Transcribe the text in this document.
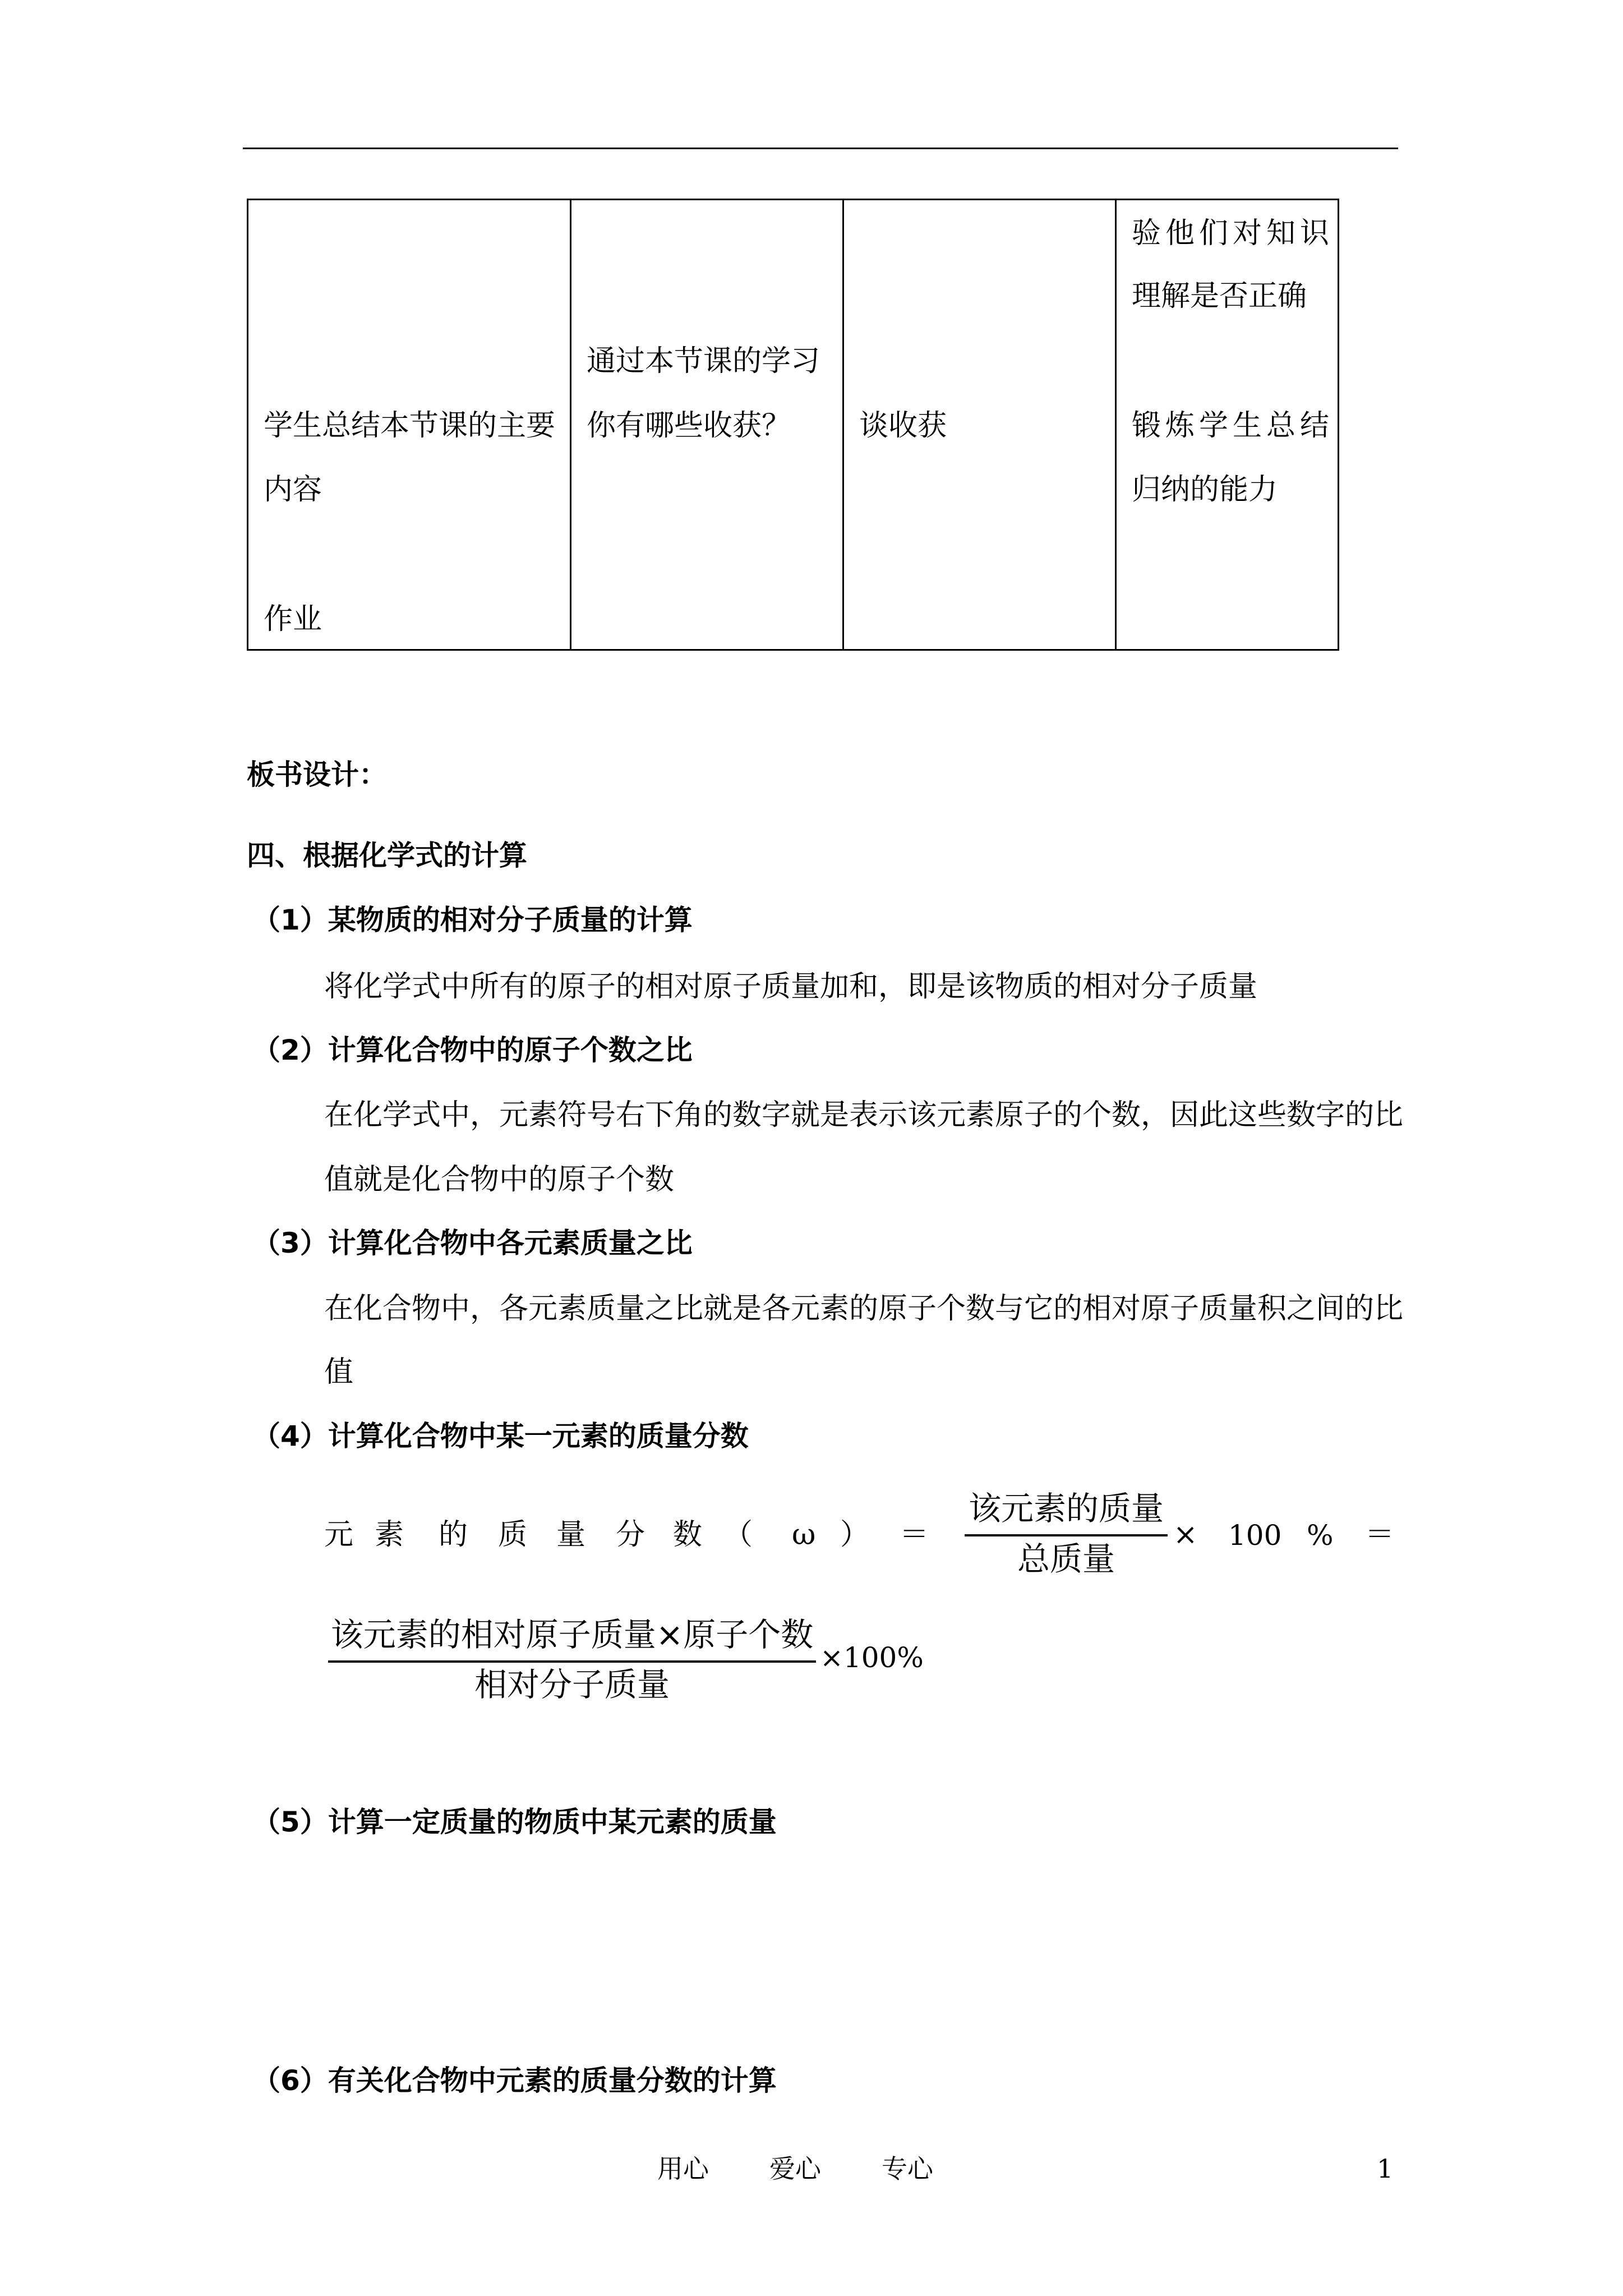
学生总结本节课的主要
内容
作业
通过本节课的学习
你有哪些收获？ 谈收获
验他们对知识
理解是否正确
锻炼学生总结
归纳的能力
板书设计：
四、根据化学式的计算
（1）某物质的相对分子质量的计算
将化学式中所有的原子的相对原子质量加和，即是该物质的相对分子质量
（2）计算化合物中的原子个数之比
在化学式中，元素符号右下角的数字就是表示该元素原子的个数，因此这些数字的比
值就是化合物中的原子个数
（3）计算化合物中各元素质量之比
在化合物中，各元素质量之比就是各元素的原子个数与它的相对原子质量积之间的比
值
（4）计算化合物中某一元素的质量分数
元 素 的 质 量 分 数 （ ω ） ＝
该元素的质量
总质量
× 100 % ＝
该元素的相对原子质量×原子个数
相对分子质量
×100%
（5）计算一定质量的物质中某元素的质量
（6）有关化合物中元素的质量分数的计算
用心 爱心 专心	1
